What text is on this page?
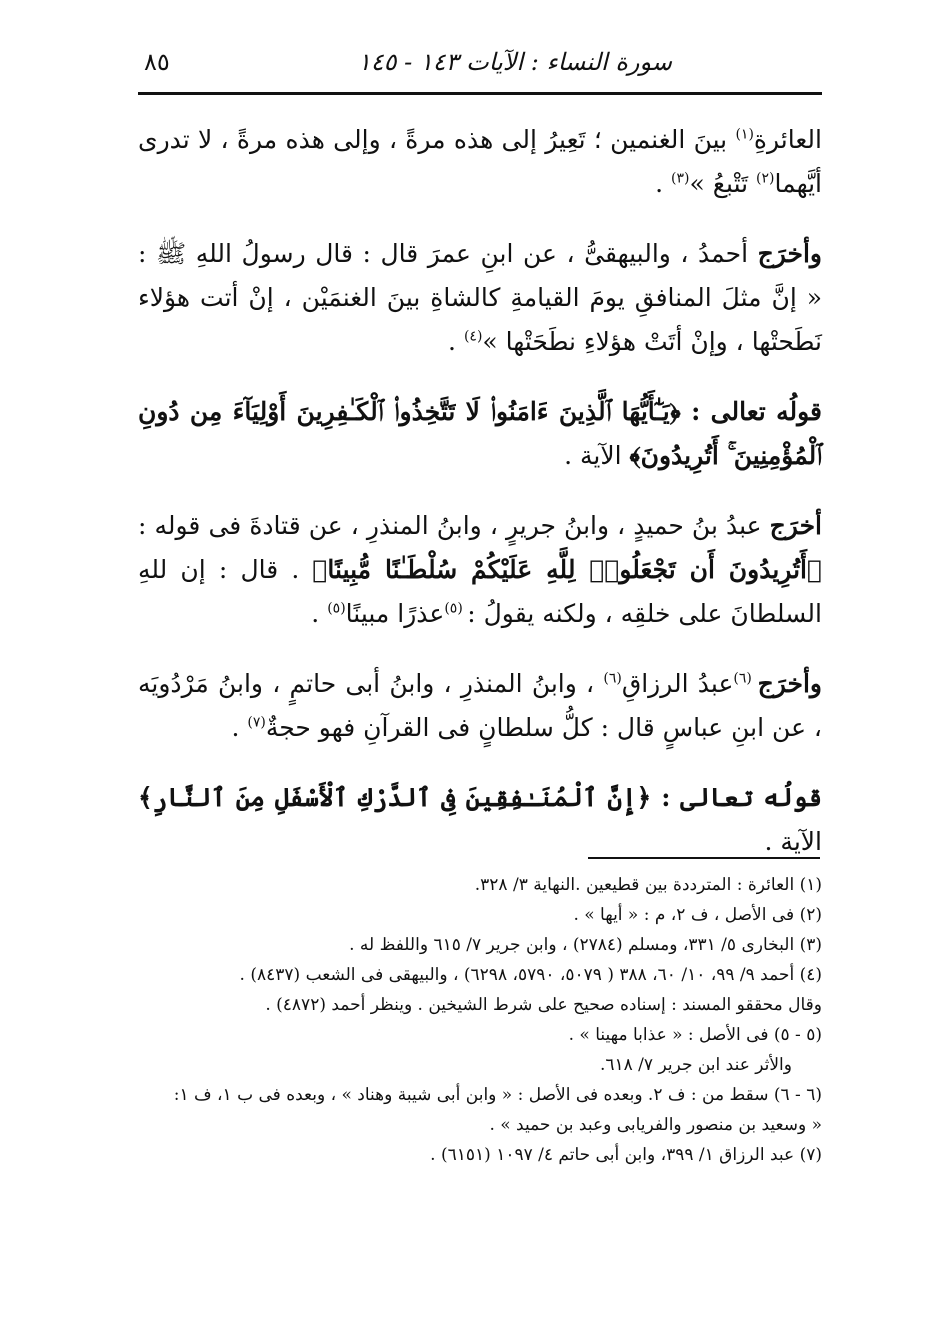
سورة النساء : الآيات ١٤٣ - ١٤٥
٨٥

العائرةِ$^{(١)}$ بينَ الغنمين ؛ تَعِيرُ إلى هذه مرةً ، وإلى هذه مرةً ، لا تدرى أيَّهما$^{(٢)}$ تَتْبعُ »$^{(٣)}$ .

وأخرَج أحمدُ ، والبيهقىُّ ، عن ابنِ عمرَ قال : قال رسولُ اللهِ ﷺ : « إنَّ مثلَ المنافقِ يومَ القيامةِ كالشاةِ بينَ الغنمَيْن ، إنْ أتت هؤلاء نَطَحتْها ، وإنْ أتَتْ هؤلاءِ نطَحَتْها »$^{(٤)}$ .

قولُه تعالى : ﴿يَـٰٓأَيُّهَا ٱلَّذِينَ ءَامَنُوا۟ لَا تَتَّخِذُوا۟ ٱلْكَـٰفِرِينَ أَوْلِيَآءَ مِن دُونِ ٱلْمُؤْمِنِينَ ۚ أَتُرِيدُونَ﴾ الآية .

أخرَج عبدُ بنُ حميدٍ ، وابنُ جريرٍ ، وابنُ المنذرِ ، عن قتادةَ فى قوله : ﴿أَتُرِيدُونَ أَن تَجْعَلُوا۟ لِلَّهِ عَلَيْكُمْ سُلْطَـٰنًا مُّبِينًا﴾ . قال : إن للهِ السلطانَ على خلقِه ، ولكنه يقولُ : $^{(٥)}$عذرًا مبينًا$^{(٥)}$ .

وأخرَج $^{(٦)}$عبدُ الرزاقِ$^{(٦)}$ ، وابنُ المنذرِ ، وابنُ أبى حاتمٍ ، وابنُ مَرْدُويَه ، عن ابنِ عباسٍ قال : كلُّ سلطانٍ فى القرآنِ فهو حجةٌ$^{(٧)}$ .

قولُه تعالى : ﴿إِنَّ ٱلْمُنَـٰفِقِينَ فِى ٱلدَّرْكِ ٱلْأَسْفَلِ مِنَ ٱلنَّارِ﴾ الآية .

(١) العائرة : المترددة بين قطيعين .النهاية ٣/ ٣٢٨.
(٢) فى الأصل ، ف ٢، م : « أيها » .
(٣) البخارى ٥/ ٣٣١، ومسلم (٢٧٨٤) ، وابن جرير ٧/ ٦١٥ واللفظ له .
(٤) أحمد ٩/ ٩٩، ١٠/ ٦٠، ٣٨٨ ( ٥٠٧٩، ٥٧٩٠، ٦٢٩٨) ، والبيهقى فى الشعب (٨٤٣٧) .
وقال محققو المسند : إسناده صحيح على شرط الشيخين . وينظر أحمد (٤٨٧٢) .
(٥ - ٥) فى الأصل : « عذابا مهينا » .
والأثر عند ابن جرير ٧/ ٦١٨.
(٦ - ٦) سقط من : ف ٢. وبعده فى الأصل : « وابن أبى شيبة وهناد » ، وبعده فى ب ١، ف ١:
« وسعيد بن منصور والفريابى وعبد بن حميد » .
(٧) عبد الرزاق ١/ ٣٩٩، وابن أبى حاتم ٤/ ١٠٩٧ (٦١٥١) .
